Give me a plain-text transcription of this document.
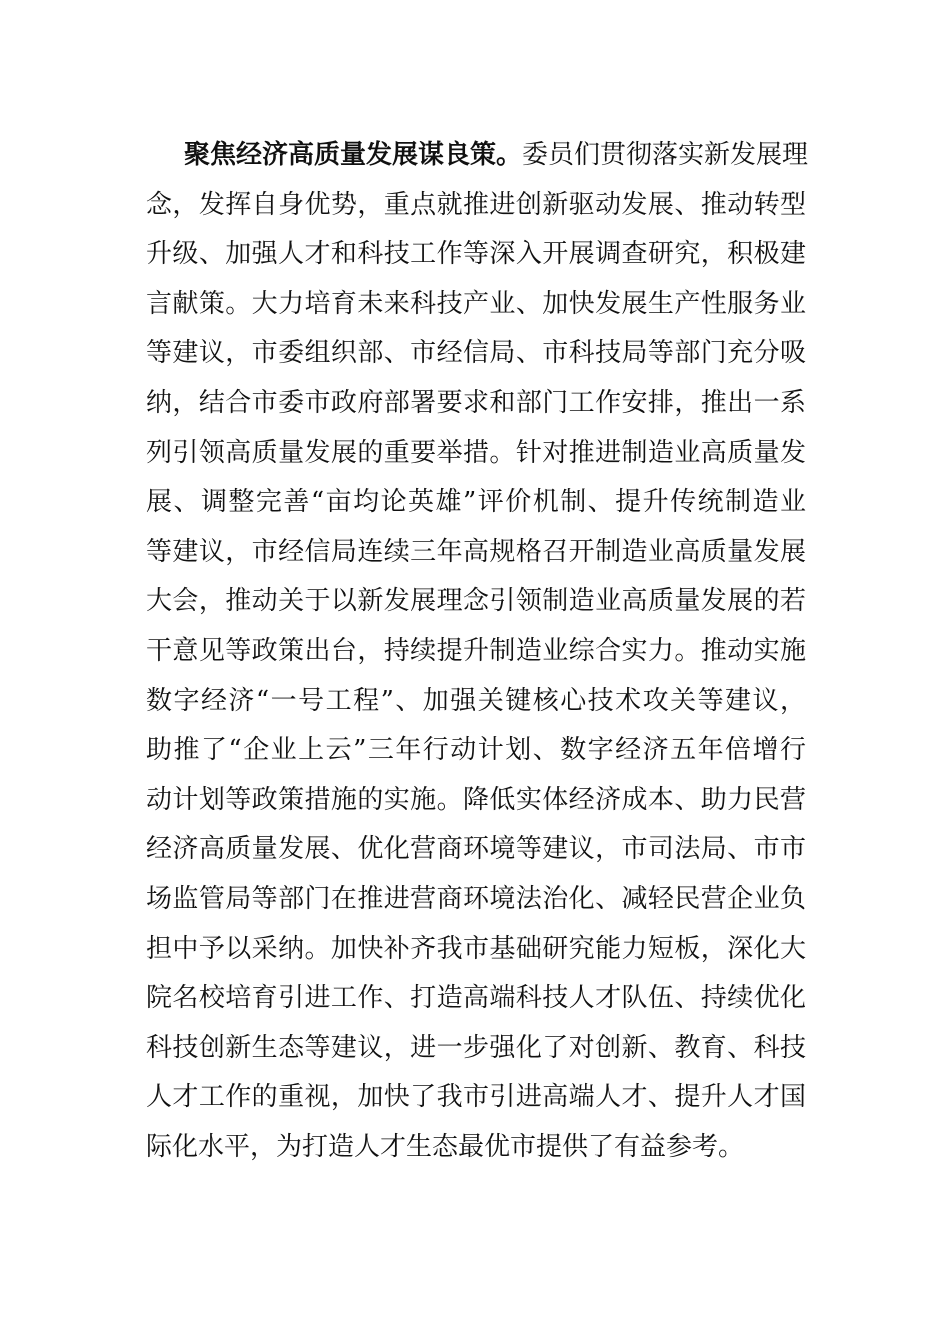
聚焦经济高质量发展谋良策。委员们贯彻落实新发展理
念，发挥自身优势，重点就推进创新驱动发展、推动转型
升级、加强人才和科技工作等深入开展调查研究，积极建
言献策。大力培育未来科技产业、加快发展生产性服务业
等建议，市委组织部、市经信局、市科技局等部门充分吸
纳，结合市委市政府部署要求和部门工作安排，推出一系
列引领高质量发展的重要举措。针对推进制造业高质量发
展、调整完善“亩均论英雄”评价机制、提升传统制造业
等建议，市经信局连续三年高规格召开制造业高质量发展
大会，推动关于以新发展理念引领制造业高质量发展的若
干意见等政策出台，持续提升制造业综合实力。推动实施
数字经济“一号工程”、加强关键核心技术攻关等建议，
助推了“企业上云”三年行动计划、数字经济五年倍增行
动计划等政策措施的实施。降低实体经济成本、助力民营
经济高质量发展、优化营商环境等建议，市司法局、市市
场监管局等部门在推进营商环境法治化、减轻民营企业负
担中予以采纳。加快补齐我市基础研究能力短板，深化大
院名校培育引进工作、打造高端科技人才队伍、持续优化
科技创新生态等建议，进一步强化了对创新、教育、科技
人才工作的重视，加快了我市引进高端人才、提升人才国
际化水平，为打造人才生态最优市提供了有益参考。
